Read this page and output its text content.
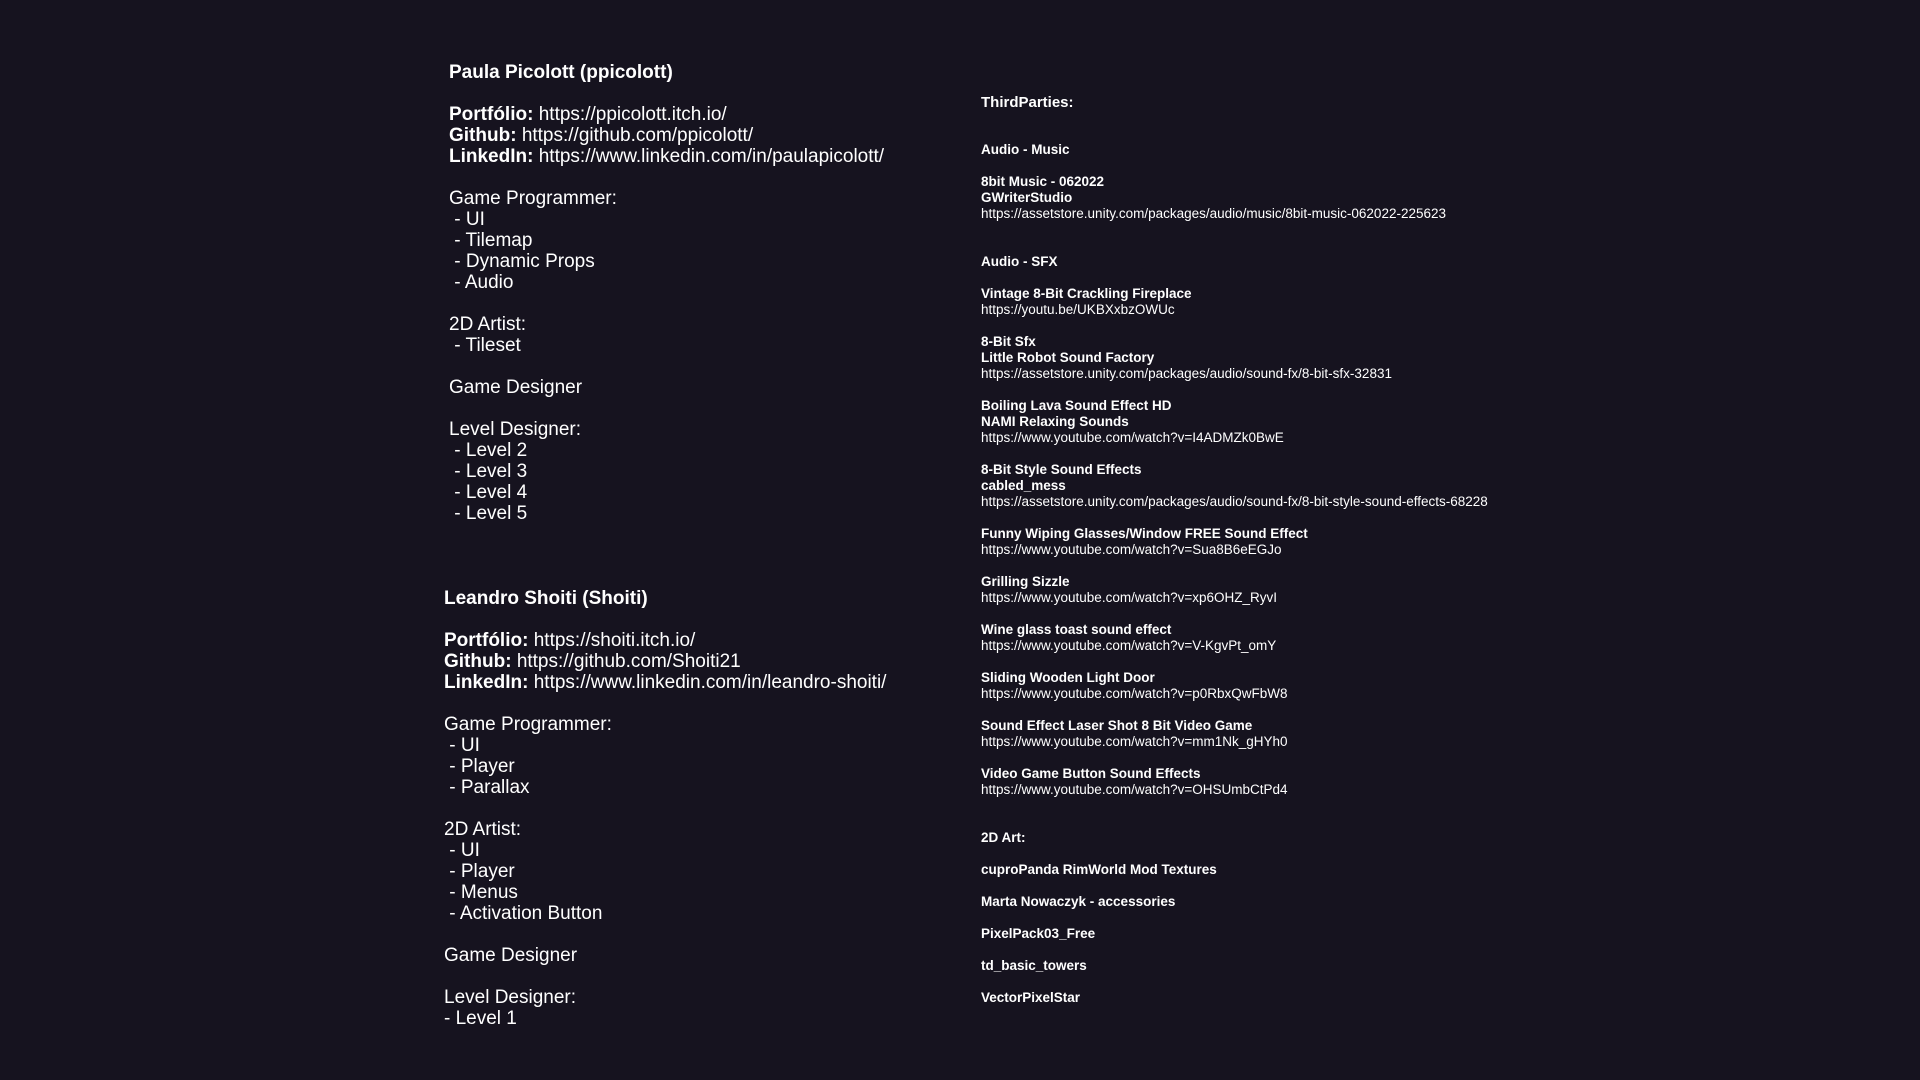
Paula Picolott (ppicolott)
Portfólio: https://ppicolott.itch.io/
Github: https://github.com/ppicolott/
LinkedIn: https://www.linkedin.com/in/paulapicolott/
Game Programmer:
- UI
- Tilemap
- Dynamic Props
- Audio
2D Artist:
- Tileset
Game Designer
Level Designer:
- Level 2
- Level 3
- Level 4
- Level 5
Leandro Shoiti (Shoiti)
Portfólio: https://shoiti.itch.io/
Github: https://github.com/Shoiti21
LinkedIn: https://www.linkedin.com/in/leandro-shoiti/
Game Programmer:
- UI
- Player
- Parallax
2D Artist:
- UI
- Player
- Menus
- Activation Button
Game Designer
Level Designer:
- Level 1
ThirdParties:
Audio - Music
8bit Music - 062022
GWriterStudio
https://assetstore.unity.com/packages/audio/music/8bit-music-062022-225623
Audio - SFX
Vintage 8-Bit Crackling Fireplace
https://youtu.be/UKBXxbzOWUc
8-Bit Sfx
Little Robot Sound Factory
https://assetstore.unity.com/packages/audio/sound-fx/8-bit-sfx-32831
Boiling Lava Sound Effect HD
NAMI Relaxing Sounds
https://www.youtube.com/watch?v=I4ADMZk0BwE
8-Bit Style Sound Effects
cabled_mess
https://assetstore.unity.com/packages/audio/sound-fx/8-bit-style-sound-effects-68228
Funny Wiping Glasses/Window FREE Sound Effect
https://www.youtube.com/watch?v=Sua8B6eEGJo
Grilling Sizzle
https://www.youtube.com/watch?v=xp6OHZ_RyvI
Wine glass toast sound effect
https://www.youtube.com/watch?v=V-KgvPt_omY
Sliding Wooden Light Door
https://www.youtube.com/watch?v=p0RbxQwFbW8
Sound Effect Laser Shot 8 Bit Video Game
https://www.youtube.com/watch?v=mm1Nk_gHYh0
Video Game Button Sound Effects
https://www.youtube.com/watch?v=OHSUmbCtPd4
2D Art:
cuproPanda RimWorld Mod Textures
Marta Nowaczyk - accessories
PixelPack03_Free
td_basic_towers
VectorPixelStar
